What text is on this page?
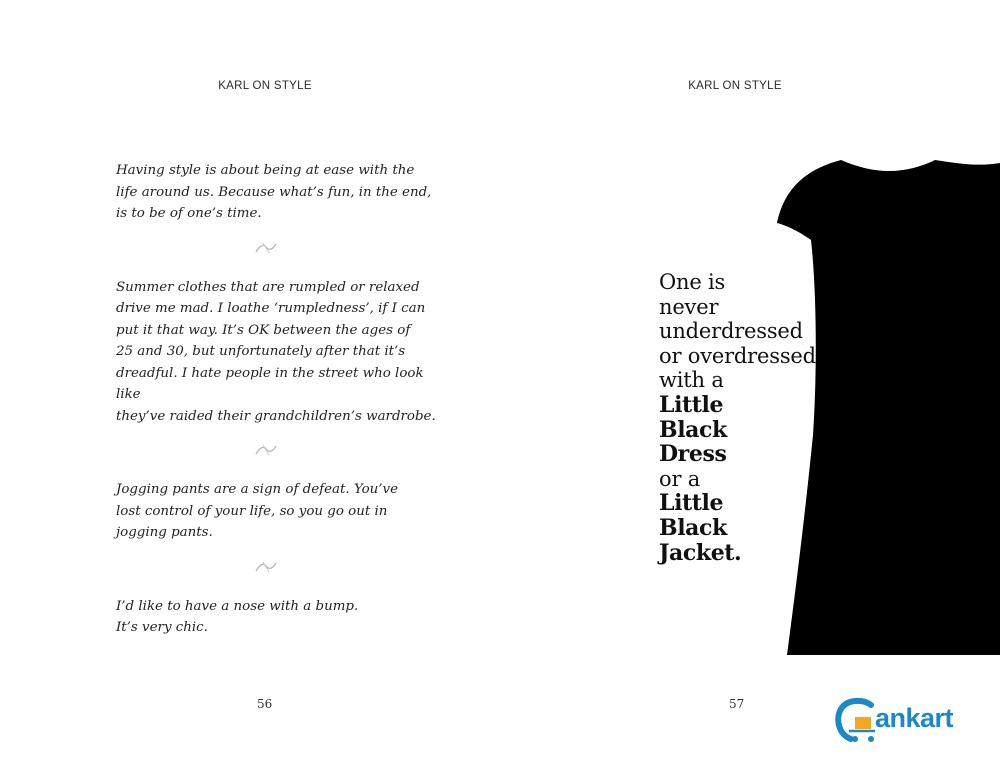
KARL ON STYLE

Having style is about being at ease with the
life around us. Because what’s fun, in the end,
is to be of one’s time.

Summer clothes that are rumpled or relaxed
drive me mad. I loathe ‘rumpledness’, if I can
put it that way. It’s OK between the ages of
25 and 30, but unfortunately after that it’s
dreadful. I hate people in the street who look like
they’ve raided their grandchildren’s wardrobe.

Jogging pants are a sign of defeat. You’ve
lost control of your life, so you go out in
jogging pants.

I’d like to have a nose with a bump.
It’s very chic.

56
KARL ON STYLE
One is
never
underdressed
or overdressed
with a
Little
Black
Dress
or a
Little
Black
Jacket.
57	ankart
